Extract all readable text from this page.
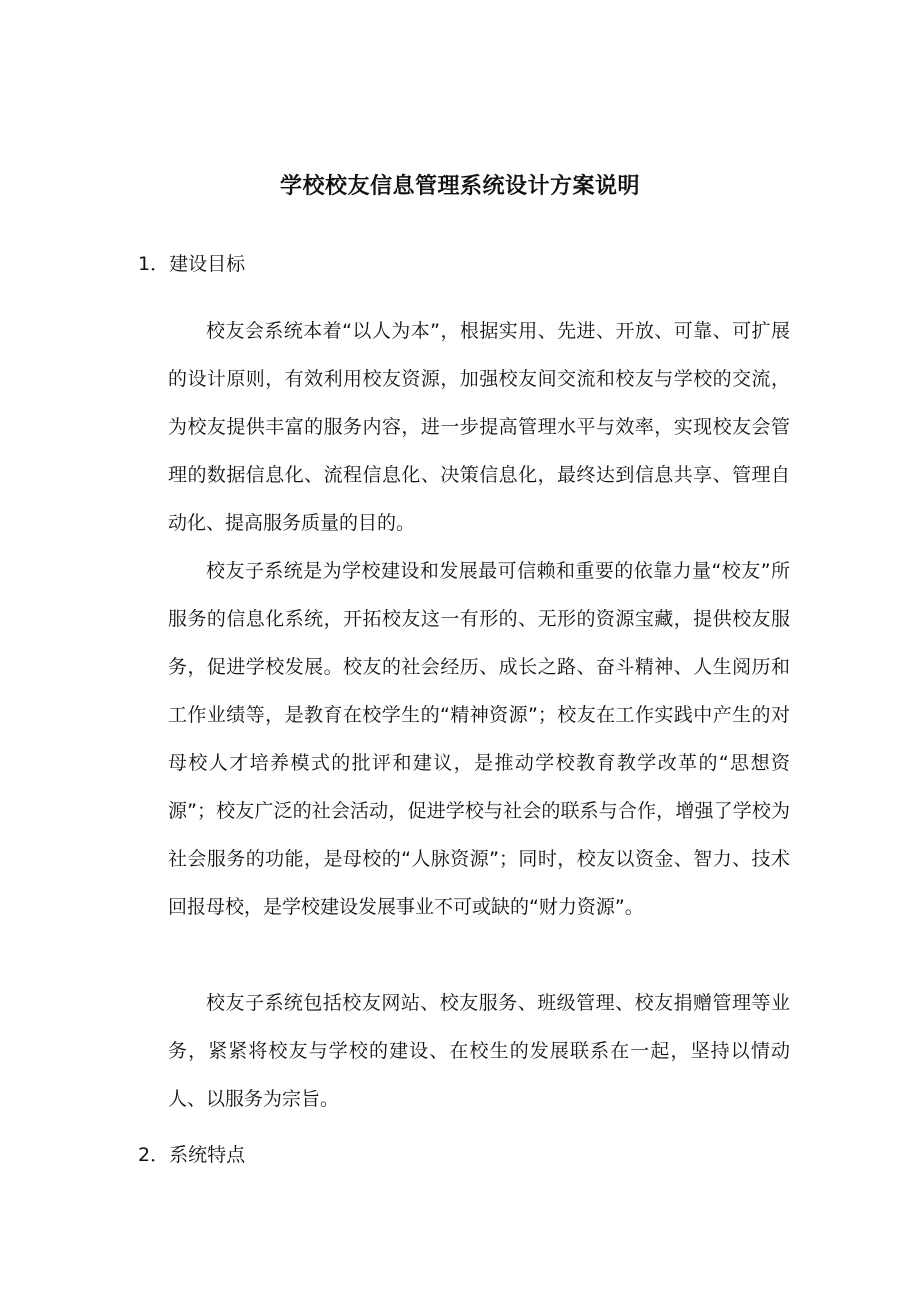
学校校友信息管理系统设计方案说明
1．建设目标
校友会系统本着“以人为本”，根据实用、先进、开放、可靠、可扩展的设计原则，有效利用校友资源，加强校友间交流和校友与学校的交流，为校友提供丰富的服务内容，进一步提高管理水平与效率，实现校友会管理的数据信息化、流程信息化、决策信息化，最终达到信息共享、管理自动化、提高服务质量的目的。
校友子系统是为学校建设和发展最可信赖和重要的依靠力量“校友”所服务的信息化系统，开拓校友这一有形的、无形的资源宝藏，提供校友服务，促进学校发展。校友的社会经历、成长之路、奋斗精神、人生阅历和工作业绩等，是教育在校学生的“精神资源”；校友在工作实践中产生的对母校人才培养模式的批评和建议，是推动学校教育教学改革的“思想资源”；校友广泛的社会活动，促进学校与社会的联系与合作，增强了学校为社会服务的功能，是母校的“人脉资源”；同时，校友以资金、智力、技术回报母校，是学校建设发展事业不可或缺的“财力资源”。
校友子系统包括校友网站、校友服务、班级管理、校友捐赠管理等业务，紧紧将校友与学校的建设、在校生的发展联系在一起，坚持以情动人、以服务为宗旨。
2．系统特点
